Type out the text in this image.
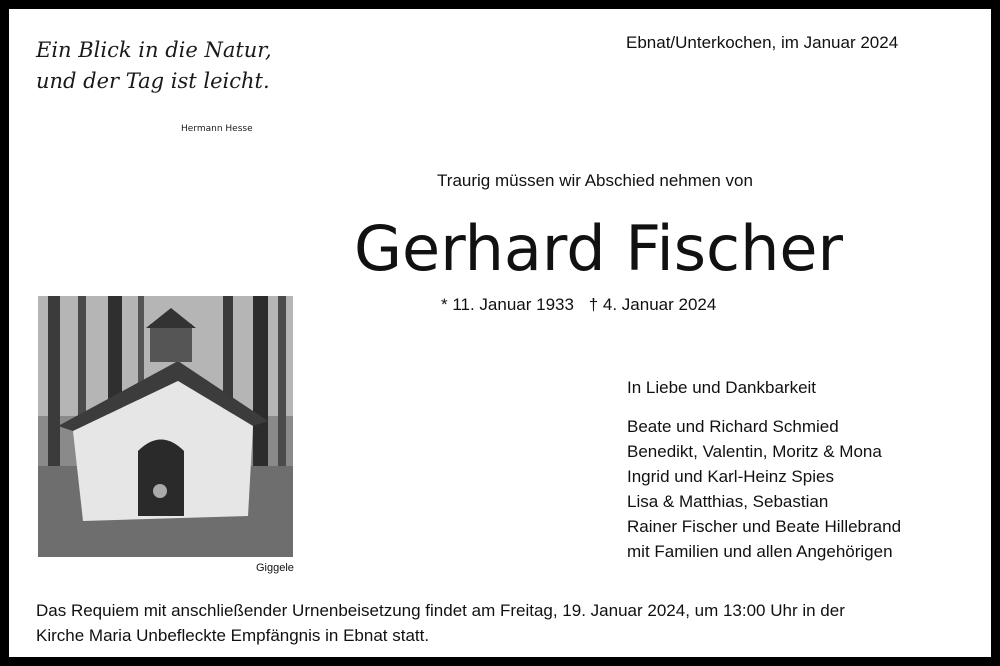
Ein Blick in die Natur,
und der Tag ist leicht.
Hermann Hesse
Ebnat/Unterkochen, im Januar 2024
Traurig müssen wir Abschied nehmen von
Gerhard Fischer
* 11. Januar 1933 † 4. Januar 2024
Giggele
In Liebe und Dankbarkeit
Beate und Richard Schmied
Benedikt, Valentin, Moritz & Mona
Ingrid und Karl-Heinz Spies
Lisa & Matthias, Sebastian
Rainer Fischer und Beate Hillebrand
mit Familien und allen Angehörigen
Das Requiem mit anschließender Urnenbeisetzung findet am Freitag, 19. Januar 2024, um 13:00 Uhr in der
Kirche Maria Unbefleckte Empfängnis in Ebnat statt.
